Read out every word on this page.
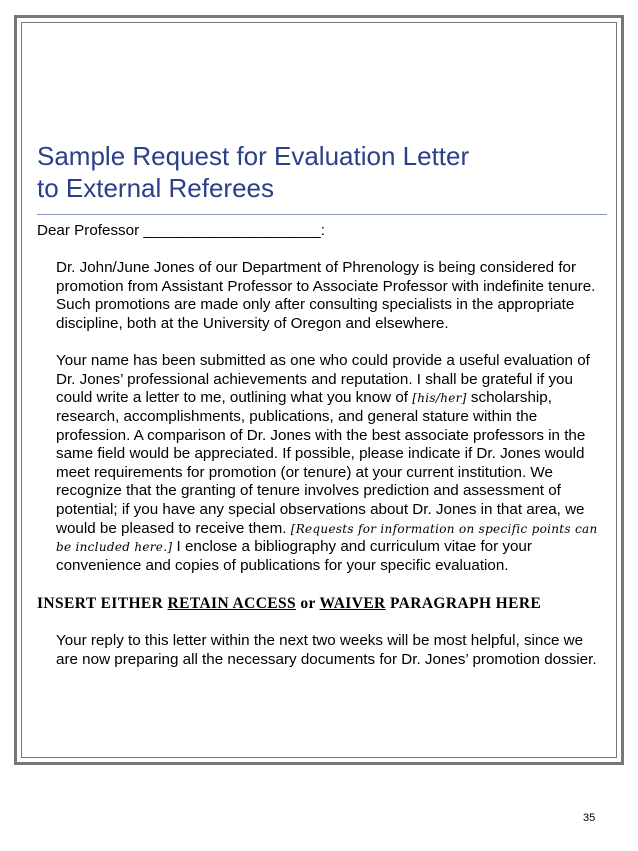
Sample Request for Evaluation Letter
to External Referees

Dear Professor _____________________:

Dr. John/June Jones of our Department of Phrenology is being considered for promotion from Assistant Professor to Associate Professor with indefinite tenure. Such promotions are made only after consulting specialists in the appropriate discipline, both at the University of Oregon and elsewhere.

Your name has been submitted as one who could provide a useful evaluation of Dr. Jones’ professional achievements and reputation. I shall be grateful if you could write a letter to me, outlining what you know of [his/her] scholarship, research, accomplishments, publications, and general stature within the profession. A comparison of Dr. Jones with the best associate professors in the same field would be appreciated. If possible, please indicate if Dr. Jones would meet requirements for promotion (or tenure) at your current institution. We recognize that the granting of tenure involves prediction and assessment of potential; if you have any special observations about Dr. Jones in that area, we would be pleased to receive them. [Requests for information on specific points can be included here.] I enclose a bibliography and curriculum vitae for your convenience and copies of publications for your specific evaluation.

INSERT EITHER RETAIN ACCESS or WAIVER PARAGRAPH HERE

Your reply to this letter within the next two weeks will be most helpful, since we are now preparing all the necessary documents for Dr. Jones’ promotion dossier.

35
